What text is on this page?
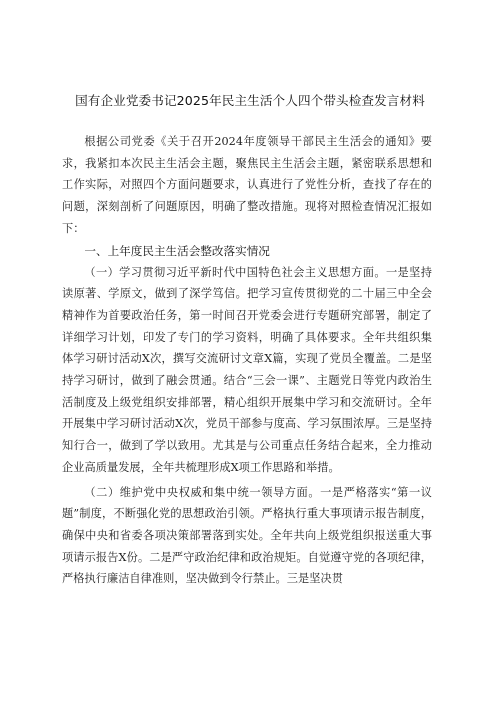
国有企业党委书记2025年民主生活个人四个带头检查发言材料

根据公司党委《关于召开2024年度领导干部民主生活会的通知》要求，我紧扣本次民主生活会主题，聚焦民主生活会主题，紧密联系思想和工作实际，对照四个方面问题要求，认真进行了党性分析，查找了存在的问题，深刻剖析了问题原因，明确了整改措施。现将对照检查情况汇报如下：

一、上年度民主生活会整改落实情况

（一）学习贯彻习近平新时代中国特色社会主义思想方面。一是坚持读原著、学原文，做到了深学笃信。把学习宣传贯彻党的二十届三中全会精神作为首要政治任务，第一时间召开党委会进行专题研究部署，制定了详细学习计划，印发了专门的学习资料，明确了具体要求。全年共组织集体学习研讨活动X次，撰写交流研讨文章X篇，实现了党员全覆盖。二是坚持学习研讨，做到了融会贯通。结合“三会一课”、主题党日等党内政治生活制度及上级党组织安排部署，精心组织开展集中学习和交流研讨。全年开展集中学习研讨活动X次，党员干部参与度高、学习氛围浓厚。三是坚持知行合一，做到了学以致用。尤其是与公司重点任务结合起来，全力推动企业高质量发展，全年共梳理形成X项工作思路和举措。

（二）维护党中央权威和集中统一领导方面。一是严格落实“第一议题”制度，不断强化党的思想政治引领。严格执行重大事项请示报告制度，确保中央和省委各项决策部署落到实处。全年共向上级党组织报送重大事项请示报告X份。二是严守政治纪律和政治规矩。自觉遵守党的各项纪律，严格执行廉洁自律准则，坚决做到令行禁止。三是坚决贯
